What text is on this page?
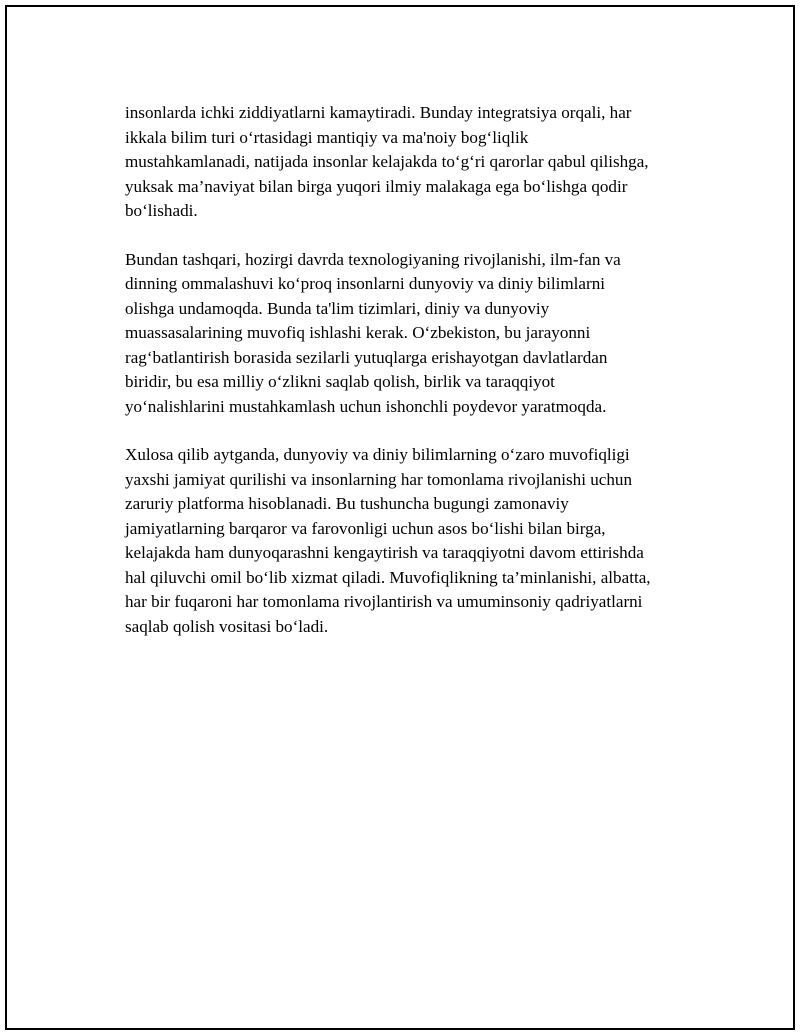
insonlarda ichki ziddiyatlarni kamaytiradi. Bunday integratsiya orqali, har
ikkala bilim turi o‘rtasidagi mantiqiy va ma'noiy bog‘liqlik
mustahkamlanadi, natijada insonlar kelajakda to‘g‘ri qarorlar qabul qilishga,
yuksak ma’naviyat bilan birga yuqori ilmiy malakaga ega bo‘lishga qodir
bo‘lishadi.

Bundan tashqari, hozirgi davrda texnologiyaning rivojlanishi, ilm-fan va
dinning ommalashuvi ko‘proq insonlarni dunyoviy va diniy bilimlarni
olishga undamoqda. Bunda ta'lim tizimlari, diniy va dunyoviy
muassasalarining muvofiq ishlashi kerak. O‘zbekiston, bu jarayonni
rag‘batlantirish borasida sezilarli yutuqlarga erishayotgan davlatlardan
biridir, bu esa milliy o‘zlikni saqlab qolish, birlik va taraqqiyot
yo‘nalishlarini mustahkamlash uchun ishonchli poydevor yaratmoqda.

Xulosa qilib aytganda, dunyoviy va diniy bilimlarning o‘zaro muvofiqligi
yaxshi jamiyat qurilishi va insonlarning har tomonlama rivojlanishi uchun
zaruriy platforma hisoblanadi. Bu tushuncha bugungi zamonaviy
jamiyatlarning barqaror va farovonligi uchun asos bo‘lishi bilan birga,
kelajakda ham dunyoqarashni kengaytirish va taraqqiyotni davom ettirishda
hal qiluvchi omil bo‘lib xizmat qiladi. Muvofiqlikning ta’minlanishi, albatta,
har bir fuqaroni har tomonlama rivojlantirish va umuminsoniy qadriyatlarni
saqlab qolish vositasi bo‘ladi.
